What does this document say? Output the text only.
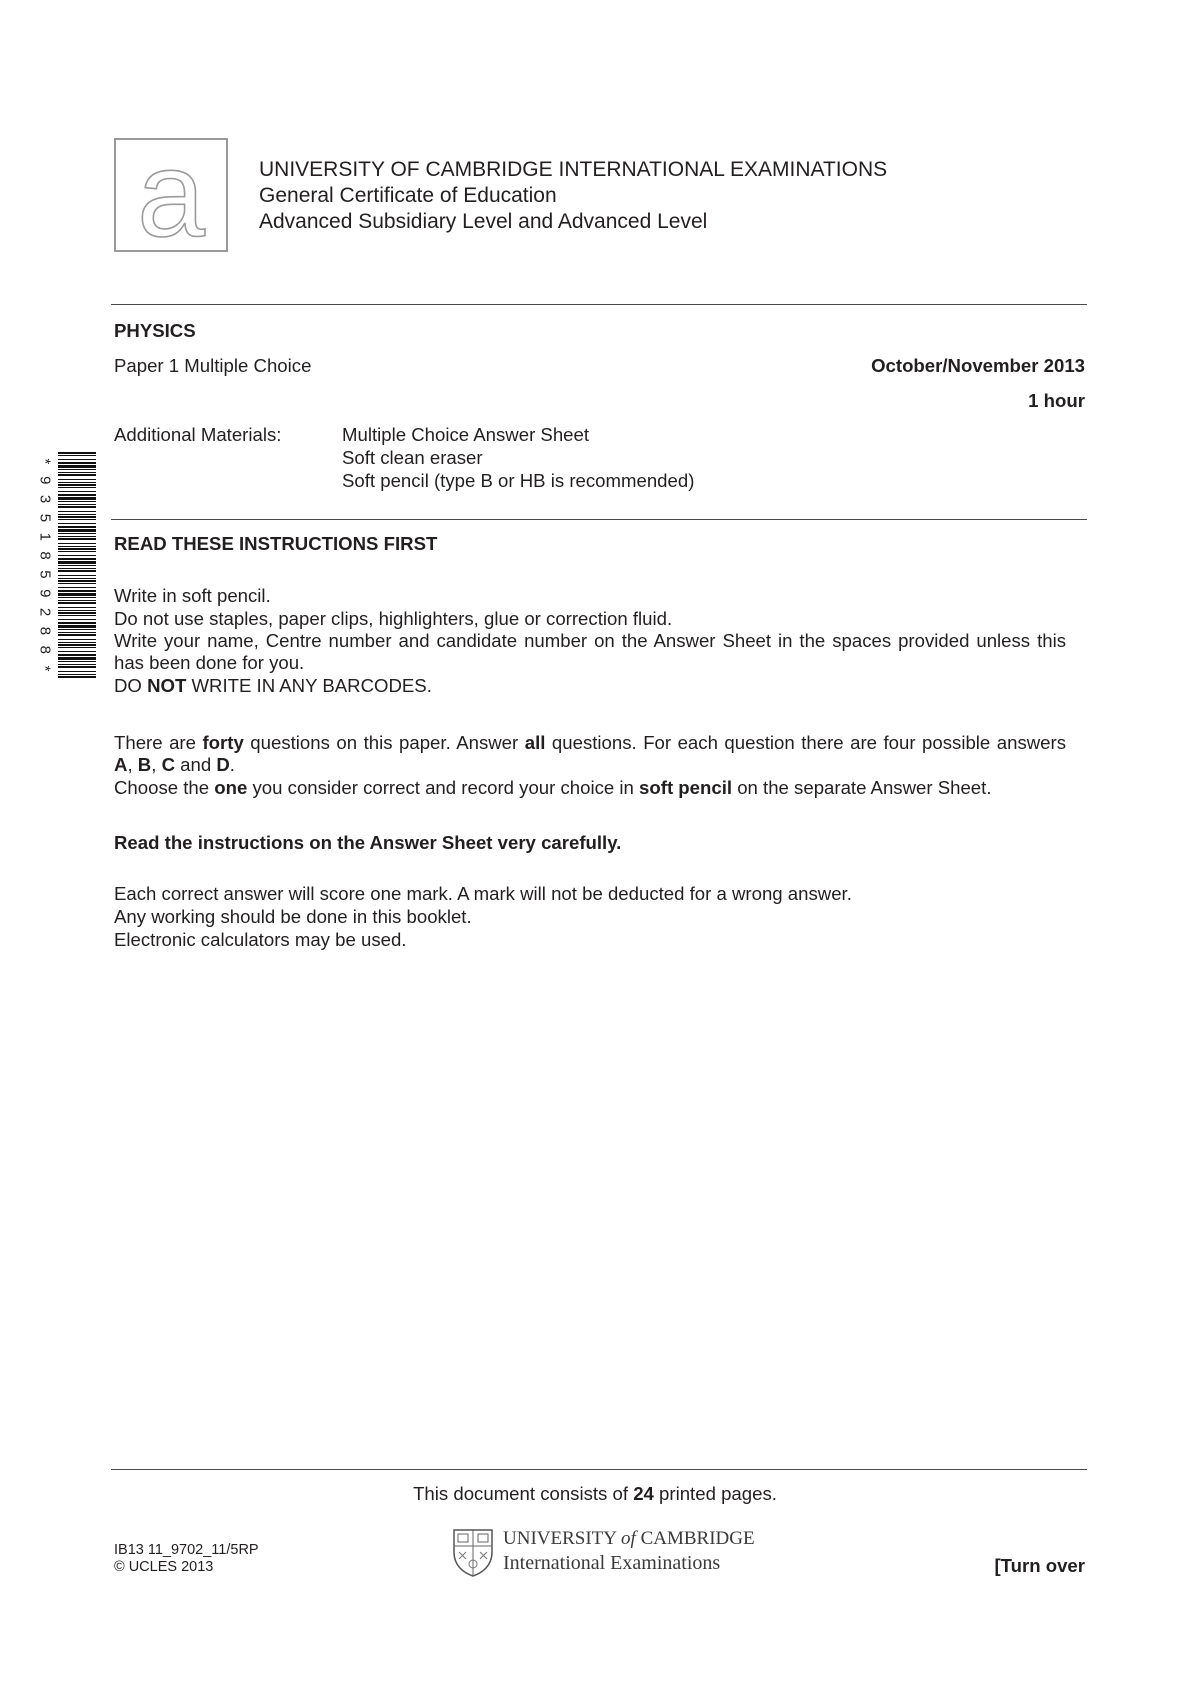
a	UNIVERSITY OF CAMBRIDGE INTERNATIONAL EXAMINATIONS
General Certificate of Education
Advanced Subsidiary Level and Advanced Level
PHYSICS
Paper 1 Multiple Choice	October/November 2013
1 hour
Additional Materials:	Multiple Choice Answer Sheet
Soft clean eraser
Soft pencil (type B or HB is recommended)
*
9
3
5
1
8
5
9
2
8
8
*
READ THESE INSTRUCTIONS FIRST
Write in soft pencil.
Do not use staples, paper clips, highlighters, glue or correction fluid.
Write your name, Centre number and candidate number on the Answer Sheet in the spaces provided unless this has been done for you.
DO NOT WRITE IN ANY BARCODES.
There are forty questions on this paper. Answer all questions. For each question there are four possible answers A, B, C and D.
Choose the one you consider correct and record your choice in soft pencil on the separate Answer Sheet.
Read the instructions on the Answer Sheet very carefully.
Each correct answer will score one mark. A mark will not be deducted for a wrong answer.
Any working should be done in this booklet.
Electronic calculators may be used.
This document consists of 24 printed pages.
IB13 11_9702_11/5RP
© UCLES 2013
UNIVERSITY of CAMBRIDGE
International Examinations	[Turn over
